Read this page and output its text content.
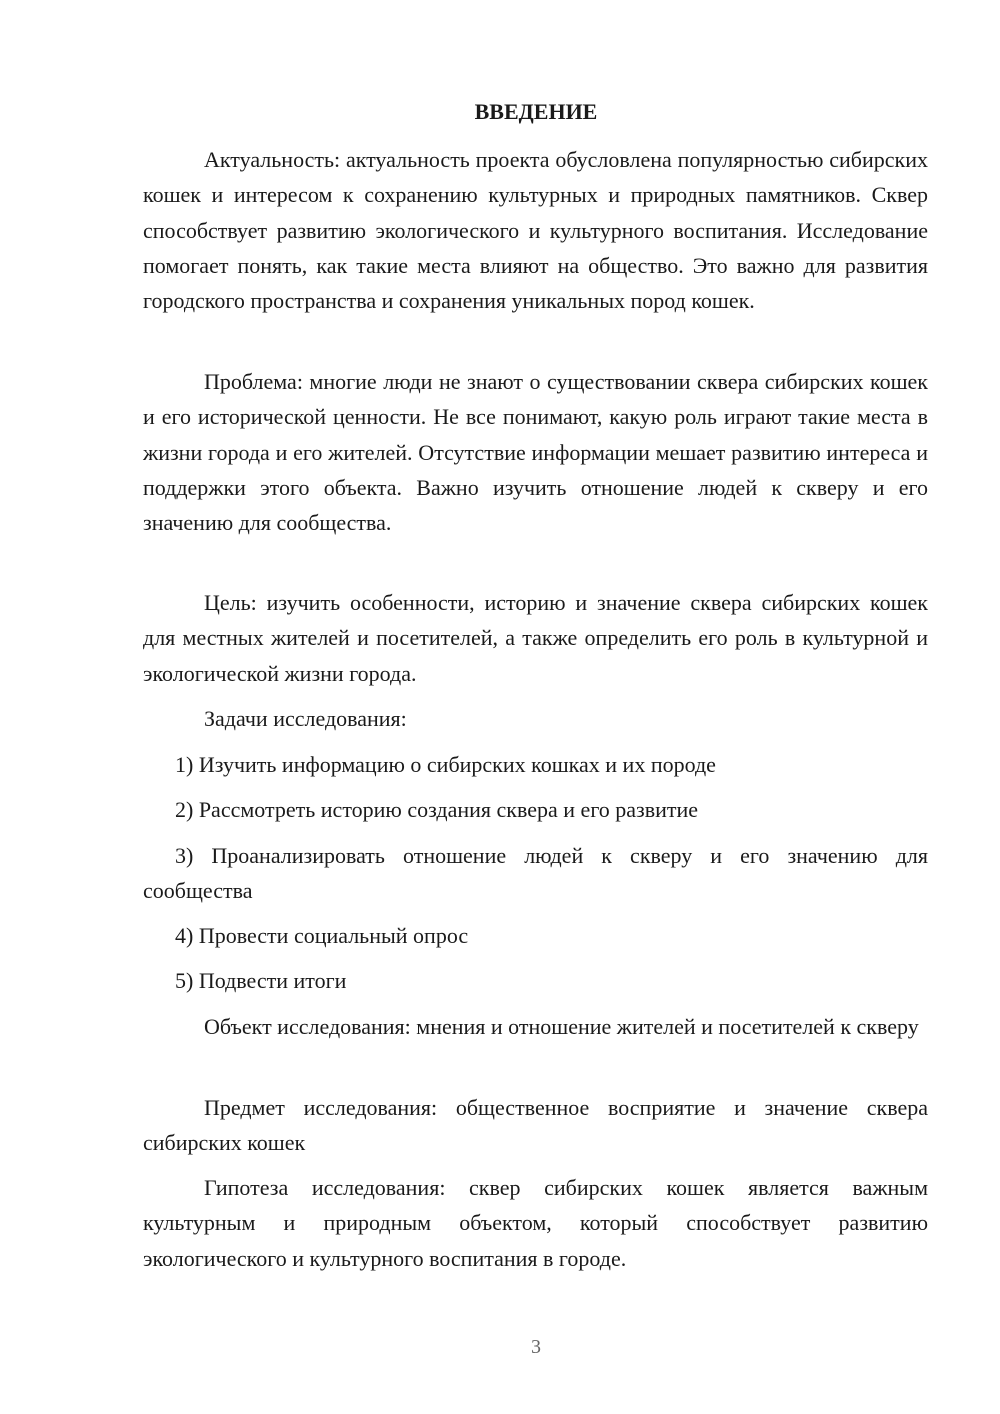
ВВЕДЕНИЕ

Актуальность: актуальность проекта обусловлена популярностью сибирских кошек и интересом к сохранению культурных и природных памятников. Сквер способствует развитию экологического и культурного воспитания. Исследование помогает понять, как такие места влияют на общество. Это важно для развития городского пространства и сохранения уникальных пород кошек.

Проблема: многие люди не знают о существовании сквера сибирских кошек и его исторической ценности. Не все понимают, какую роль играют такие места в жизни города и его жителей. Отсутствие информации мешает развитию интереса и поддержки этого объекта. Важно изучить отношение людей к скверу и его значению для сообщества.

Цель: изучить особенности, историю и значение сквера сибирских кошек для местных жителей и посетителей, а также определить его роль в культурной и экологической жизни города.

Задачи исследования:

1) Изучить информацию о сибирских кошках и их породе

2) Рассмотреть историю создания сквера и его развитие

3) Проанализировать отношение людей к скверу и его значению для сообщества

4) Провести социальный опрос

5) Подвести итоги

Объект исследования: мнения и отношение жителей и посетителей к скверу

Предмет исследования: общественное восприятие и значение сквера сибирских кошек

Гипотеза исследования: сквер сибирских кошек является важным культурным и природным объектом, который способствует развитию экологического и культурного воспитания в городе.

3
